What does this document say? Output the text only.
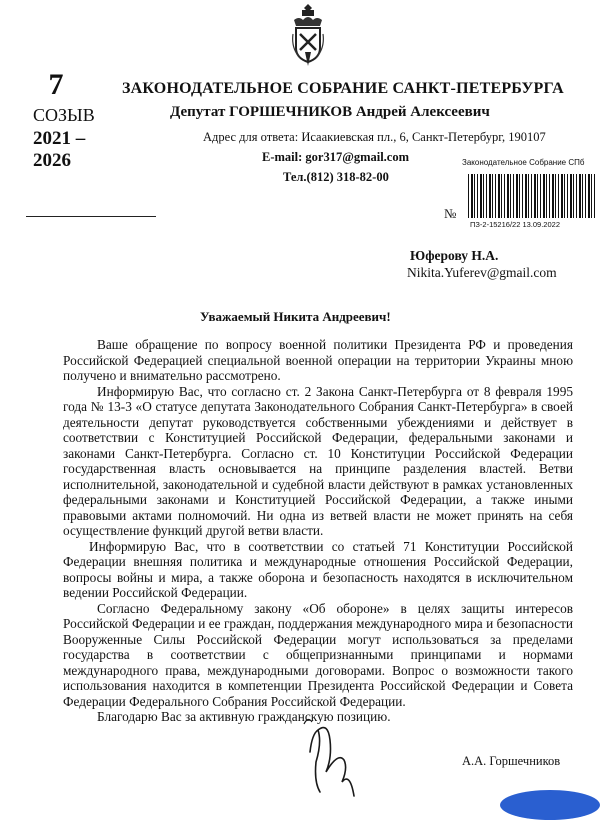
7
СОЗЫВ
2021 – 2026
ЗАКОНОДАТЕЛЬНОЕ СОБРАНИЕ САНКТ-ПЕТЕРБУРГА
Депутат ГОРШЕЧНИКОВ Андрей Алексеевич
Адрес для ответа: Исаакиевская пл., 6, Санкт-Петербург, 190107
E-mail: gor317@gmail.com
Тел.(812) 318-82-00
№
Законодательное Собрание СПб
ПЗ-2-15216/22 13.09.2022
Юферову Н.А.
Nikita.Yuferev@gmail.com
Уважаемый Никита Андреевич!

Ваше обращение по вопросу военной политики Президента РФ и проведения Российской Федерацией специальной военной операции на территории Украины мною получено и внимательно рассмотрено.

Информирую Вас, что согласно ст. 2 Закона Санкт-Петербурга от 8 февраля 1995 года № 13-3 «О статусе депутата Законодательного Собрания Санкт-Петербурга» в своей деятельности депутат руководствуется собственными убеждениями и действует в соответствии с Конституцией Российской Федерации, федеральными законами и законами Санкт-Петербурга. Согласно ст. 10 Конституции Российской Федерации государственная власть основывается на принципе разделения властей. Ветви исполнительной, законодательной и судебной власти действуют в рамках установленных федеральными законами и Конституцией Российской Федерации, а также иными правовыми актами полномочий. Ни одна из ветвей власти не может принять на себя осуществление функций другой ветви власти.

Информирую Вас, что в соответствии со статьей 71 Конституции Российской Федерации внешняя политика и международные отношения Российской Федерации, вопросы войны и мира, а также оборона и безопасность находятся в исключительном ведении Российской Федерации.

Согласно Федеральному закону «Об обороне» в целях защиты интересов Российской Федерации и ее граждан, поддержания международного мира и безопасности Вооруженные Силы Российской Федерации могут использоваться за пределами государства в соответствии с общепризнанными принципами и нормами международного права, международными договорами. Вопрос о возможности такого использования находится в компетенции Президента Российской Федерации и Совета Федерации Федерального Собрания Российской Федерации.

Благодарю Вас за активную гражданскую позицию.

А.А. Горшечников
